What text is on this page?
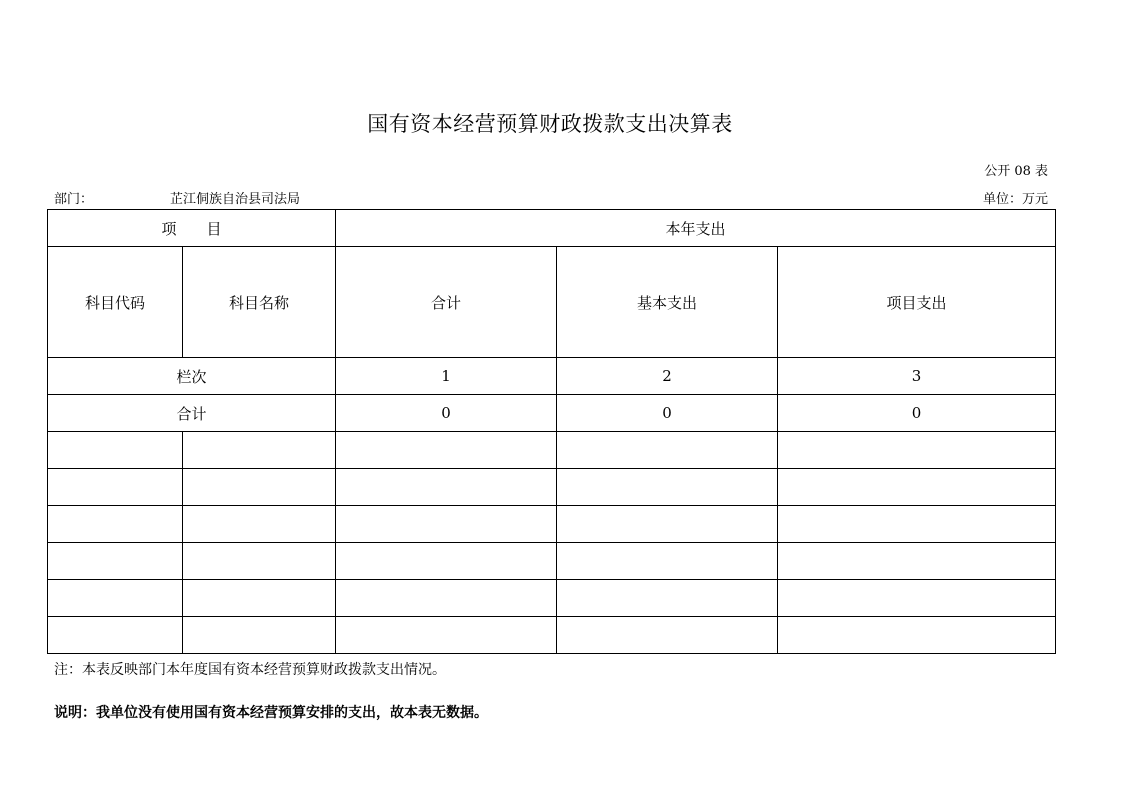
国有资本经营预算财政拨款支出决算表
公开 08 表
部门：	芷江侗族自治县司法局	单位：万元
项　　目		本年支出		
科目代码	科目名称	合计	基本支出	项目支出
栏次		1	2	3
合计		0	0	0

注：本表反映部门本年度国有资本经营预算财政拨款支出情况。
说明：我单位没有使用国有资本经营预算安排的支出，故本表无数据。
